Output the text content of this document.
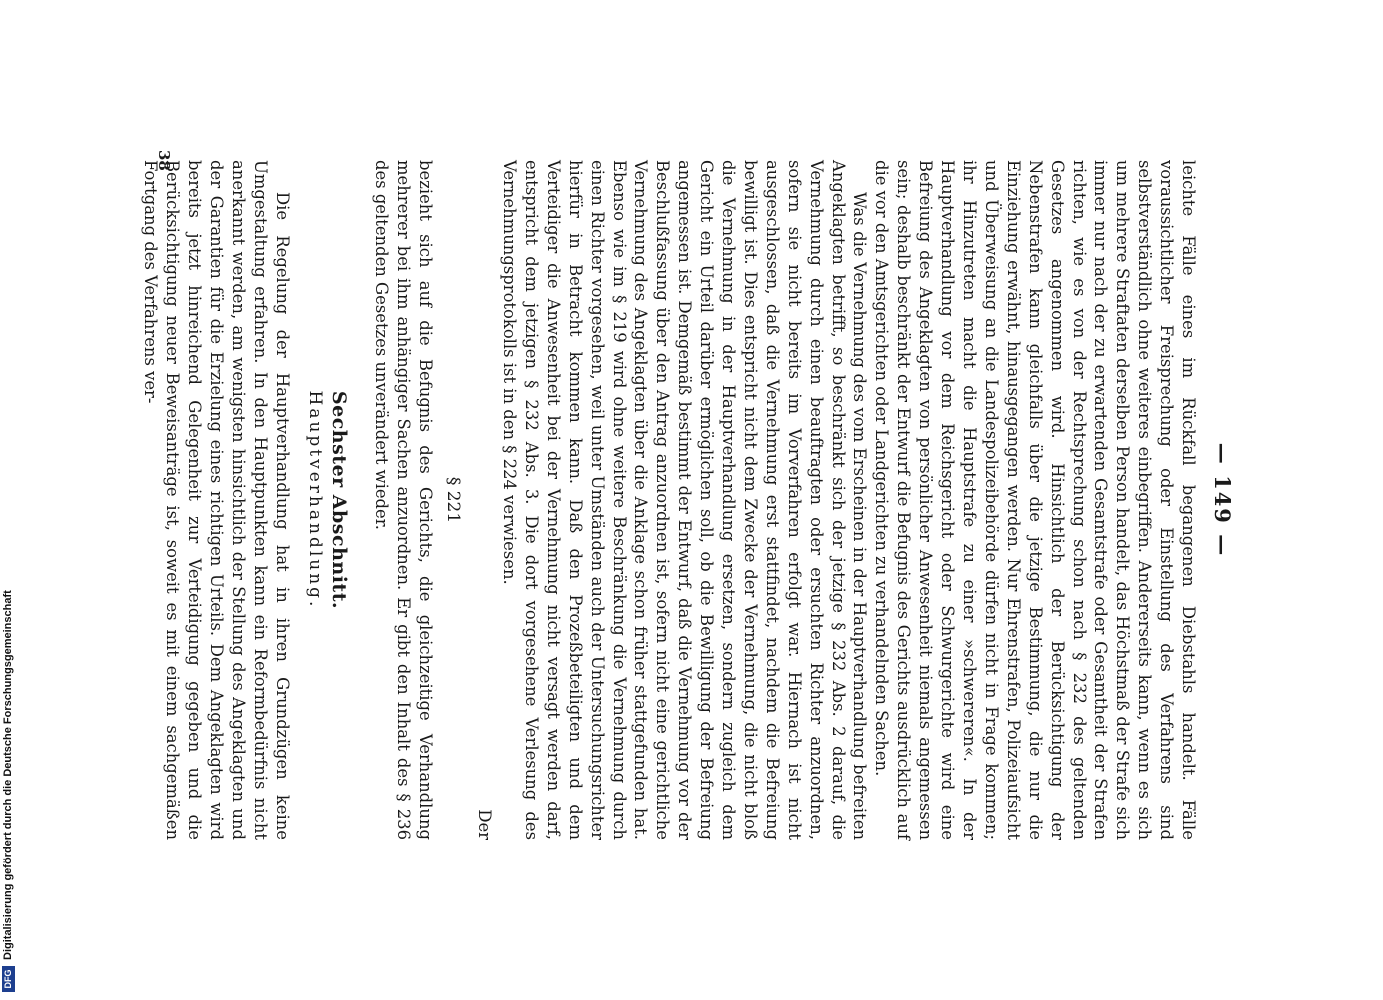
— 149 —

leichte Fälle eines im Rückfall begangenen Diebstahls handelt. Fälle voraussichtlicher Freisprechung oder Einstellung des Verfahrens sind selbstverständlich ohne weiteres einbegriffen. Andererseits kann, wenn es sich um mehrere Straftaten derselben Person handelt, das Höchstmaß der Strafe sich immer nur nach der zu erwartenden Gesamtstrafe oder Gesamtheit der Strafen richten, wie es von der Rechtsprechung schon nach § 232 des geltenden Gesetzes angenommen wird. Hinsichtlich der Berücksichtigung der Nebenstrafen kann gleichfalls über die jetzige Bestimmung, die nur die Einziehung erwähnt, hinausgegangen werden. Nur Ehrenstrafen, Polizeiaufsicht und Überweisung an die Landespolizeibehörde dürfen nicht in Frage kommen; ihr Hinzutreten macht die Hauptstrafe zu einer »schwereren«. In der Hauptverhandlung vor dem Reichsgericht oder Schwurgerichte wird eine Befreiung des Angeklagten von persönlicher Anwesenheit niemals angemessen sein; deshalb beschränkt der Entwurf die Befugnis des Gerichts ausdrücklich auf die vor den Amtsgerichten oder Landgerichten zu verhandelnden Sachen.

Was die Vernehmung des vom Erscheinen in der Hauptverhandlung befreiten Angeklagten betrifft, so beschränkt sich der jetzige § 232 Abs. 2 darauf, die Vernehmung durch einen beauftragten oder ersuchten Richter anzuordnen, sofern sie nicht bereits im Vorverfahren erfolgt war. Hiernach ist nicht ausgeschlossen, daß die Vernehmung erst stattfindet, nachdem die Befreiung bewilligt ist. Dies entspricht nicht dem Zwecke der Vernehmung, die nicht bloß die Vernehmung in der Hauptverhandlung ersetzen, sondern zugleich dem Gericht ein Urteil darüber ermöglichen soll, ob die Bewilligung der Befreiung angemessen ist. Demgemäß bestimmt der Entwurf, daß die Vernehmung vor der Beschlußfassung über den Antrag anzuordnen ist, sofern nicht eine gerichtliche Vernehmung des Angeklagten über die Anklage schon früher stattgefunden hat. Ebenso wie im § 219 wird ohne weitere Beschränkung die Vernehmung durch einen Richter vorgesehen, weil unter Umständen auch der Untersuchungsrichter hierfür in Betracht kommen kann. Daß den Prozeßbeteiligten und dem Verteidiger die Anwesenheit bei der Vernehmung nicht versagt werden darf, entspricht dem jetzigen § 232 Abs. 3. Die dort vorgesehene Verlesung des Vernehmungsprotokolls ist in den § 224 verwiesen.

Der
§ 221

bezieht sich auf die Befugnis des Gerichts, die gleichzeitige Verhandlung mehrerer bei ihm anhängiger Sachen anzuordnen. Er gibt den Inhalt des § 236 des geltenden Gesetzes unverändert wieder.

Sechster Abschnitt.
Hauptverhandlung.

Die Regelung der Hauptverhandlung hat in ihren Grundzügen keine Umgestaltung erfahren. In den Hauptpunkten kann ein Reformbedürfnis nicht anerkannt werden, am wenigsten hinsichtlich der Stellung des Angeklagten und der Garantien für die Erzielung eines richtigen Urteils. Dem Angeklagten wird bereits jetzt hinreichend Gelegenheit zur Verteidigung gegeben und die Berücksichtigung neuer Beweisanträge ist, soweit es mit einem sachgemäßen Fortgang des Verfahrens ver-

38
DFG
Digitalisierung gefördert durch die Deutsche Forschungsgemeinschaft
